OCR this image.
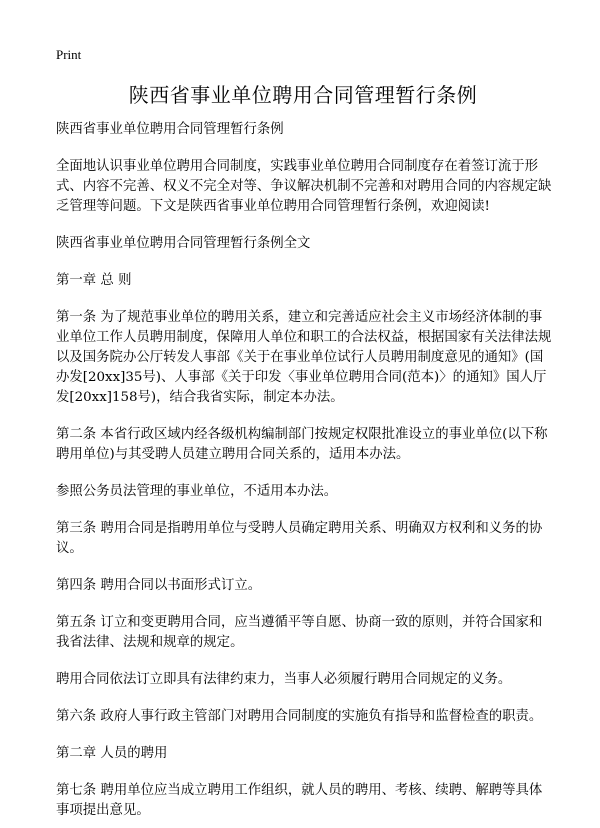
Print
陕西省事业单位聘用合同管理暂行条例

陕西省事业单位聘用合同管理暂行条例

全面地认识事业单位聘用合同制度，实践事业单位聘用合同制度存在着签订流于形式、内容不完善、权义不完全对等、争议解决机制不完善和对聘用合同的内容规定缺乏管理等问题。下文是陕西省事业单位聘用合同管理暂行条例，欢迎阅读!

陕西省事业单位聘用合同管理暂行条例全文

第一章 总 则

第一条 为了规范事业单位的聘用关系，建立和完善适应社会主义市场经济体制的事业单位工作人员聘用制度，保障用人单位和职工的合法权益，根据国家有关法律法规以及国务院办公厅转发人事部《关于在事业单位试行人员聘用制度意见的通知》(国办发[20xx]35号)、人事部《关于印发〈事业单位聘用合同(范本)〉的通知》国人厅发[20xx]158号)，结合我省实际，制定本办法。

第二条 本省行政区域内经各级机构编制部门按规定权限批准设立的事业单位(以下称聘用单位)与其受聘人员建立聘用合同关系的，适用本办法。

参照公务员法管理的事业单位，不适用本办法。

第三条 聘用合同是指聘用单位与受聘人员确定聘用关系、明确双方权利和义务的协议。

第四条 聘用合同以书面形式订立。

第五条 订立和变更聘用合同，应当遵循平等自愿、协商一致的原则，并符合国家和我省法律、法规和规章的规定。

聘用合同依法订立即具有法律约束力，当事人必须履行聘用合同规定的义务。

第六条 政府人事行政主管部门对聘用合同制度的实施负有指导和监督检查的职责。

第二章 人员的聘用

第七条 聘用单位应当成立聘用工作组织，就人员的聘用、考核、续聘、解聘等具体事项提出意见。
